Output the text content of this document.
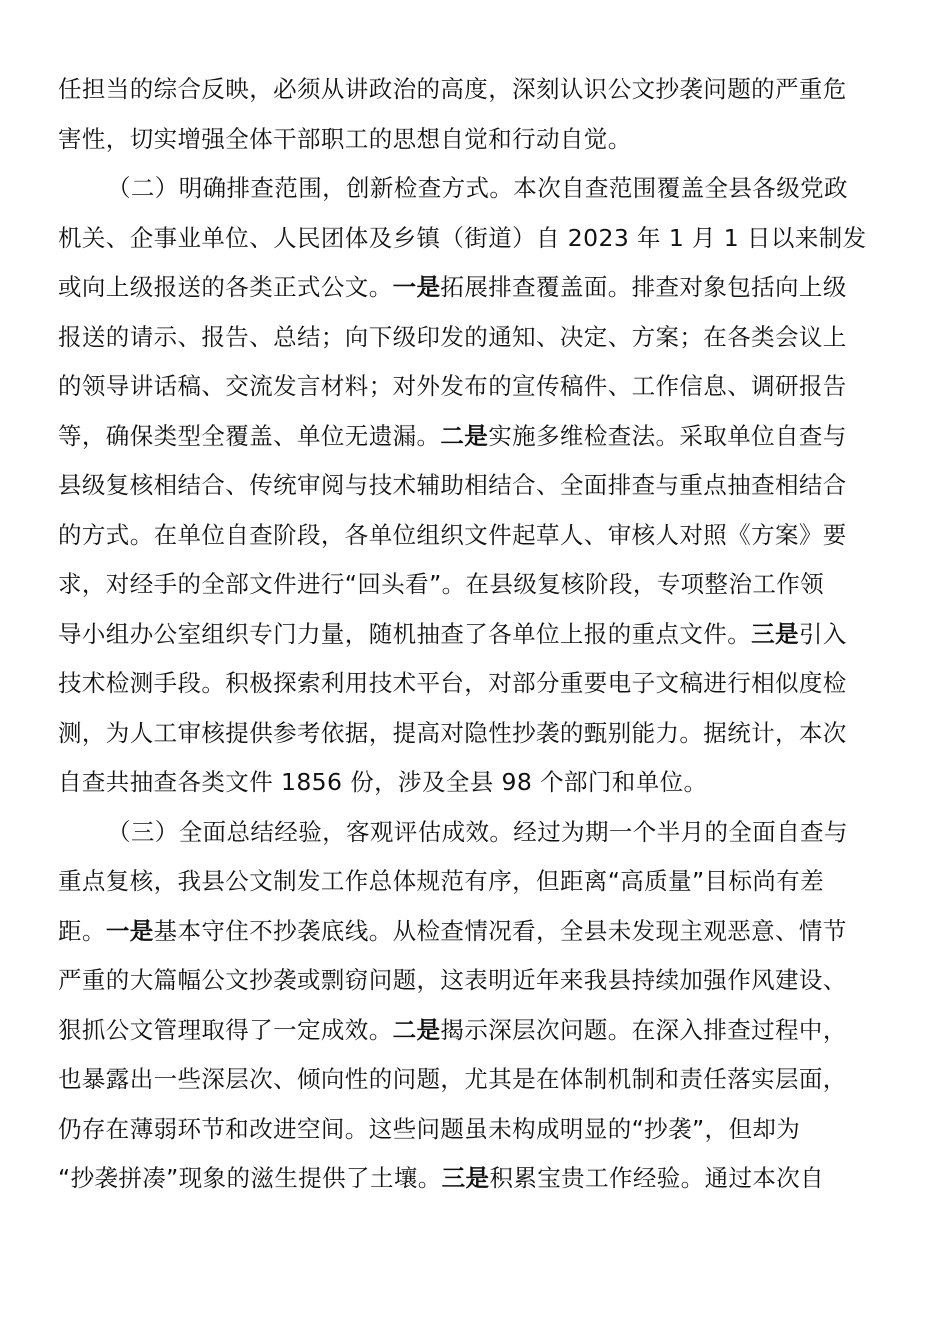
任担当的综合反映，必须从讲政治的高度，深刻认识公文抄袭问题的严重危
害性，切实增强全体干部职工的思想自觉和行动自觉。
（二）明确排查范围，创新检查方式。本次自查范围覆盖全县各级党政
机关、企事业单位、人民团体及乡镇（街道）自 2023 年 1 月 1 日以来制发
或向上级报送的各类正式公文。一是拓展排查覆盖面。排查对象包括向上级
报送的请示、报告、总结；向下级印发的通知、决定、方案；在各类会议上
的领导讲话稿、交流发言材料；对外发布的宣传稿件、工作信息、调研报告
等，确保类型全覆盖、单位无遗漏。二是实施多维检查法。采取单位自查与
县级复核相结合、传统审阅与技术辅助相结合、全面排查与重点抽查相结合
的方式。在单位自查阶段，各单位组织文件起草人、审核人对照《方案》要
求，对经手的全部文件进行“回头看”。在县级复核阶段，专项整治工作领
导小组办公室组织专门力量，随机抽查了各单位上报的重点文件。三是引入
技术检测手段。积极探索利用技术平台，对部分重要电子文稿进行相似度检
测，为人工审核提供参考依据，提高对隐性抄袭的甄别能力。据统计，本次
自查共抽查各类文件 1856 份，涉及全县 98 个部门和单位。
（三）全面总结经验，客观评估成效。经过为期一个半月的全面自查与
重点复核，我县公文制发工作总体规范有序，但距离“高质量”目标尚有差
距。一是基本守住不抄袭底线。从检查情况看，全县未发现主观恶意、情节
严重的大篇幅公文抄袭或剽窃问题，这表明近年来我县持续加强作风建设、
狠抓公文管理取得了一定成效。二是揭示深层次问题。在深入排查过程中，
也暴露出一些深层次、倾向性的问题，尤其是在体制机制和责任落实层面，
仍存在薄弱环节和改进空间。这些问题虽未构成明显的“抄袭”，但却为
“抄袭拼凑”现象的滋生提供了土壤。三是积累宝贵工作经验。通过本次自
